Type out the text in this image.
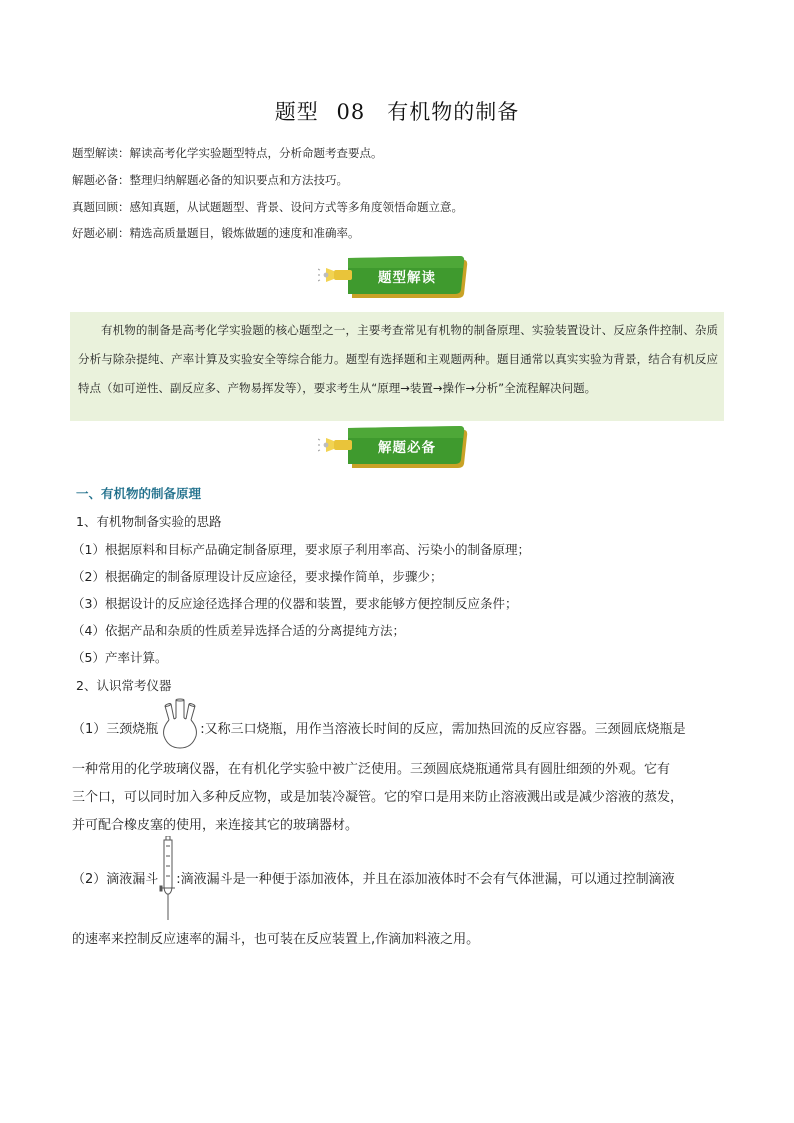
题型 08　有机物的制备
题型解读：解读高考化学实验题型特点，分析命题考查要点。
解题必备：整理归纳解题必备的知识要点和方法技巧。
真题回顾：感知真题，从试题题型、背景、设问方式等多角度领悟命题立意。
好题必刷：精选高质量题目，锻炼做题的速度和准确率。
题型解读
有机物的制备是高考化学实验题的核心题型之一，主要考查常见有机物的制备原理、实验装置设计、反应条件控制、杂质分析与除杂提纯、产率计算及实验安全等综合能力。题型有选择题和主观题两种。题目通常以真实实验为背景，结合有机反应特点（如可逆性、副反应多、产物易挥发等），要求考生从“原理→装置→操作→分析”全流程解决问题。
解题必备
一、有机物的制备原理
1、有机物制备实验的思路
（1）根据原料和目标产品确定制备原理，要求原子利用率高、污染小的制备原理；
（2）根据确定的制备原理设计反应途径，要求操作简单，步骤少；
（3）根据设计的反应途径选择合理的仪器和装置，要求能够方便控制反应条件；
（4）依据产品和杂质的性质差异选择合适的分离提纯方法；
（5）产率计算。
2、认识常考仪器
（1）三颈烧瓶	:又称三口烧瓶，用作当溶液长时间的反应，需加热回流的反应容器。三颈圆底烧瓶是
一种常用的化学玻璃仪器，在有机化学实验中被广泛使用。三颈圆底烧瓶通常具有圆肚细颈的外观。它有
三个口，可以同时加入多种反应物，或是加装冷凝管。它的窄口是用来防止溶液溅出或是减少溶液的蒸发，
并可配合橡皮塞的使用，来连接其它的玻璃器材。
（2）滴液漏斗 :滴液漏斗是一种便于添加液体，并且在添加液体时不会有气体泄漏，可以通过控制滴液
的速率来控制反应速率的漏斗，也可装在反应装置上,作滴加料液之用。
